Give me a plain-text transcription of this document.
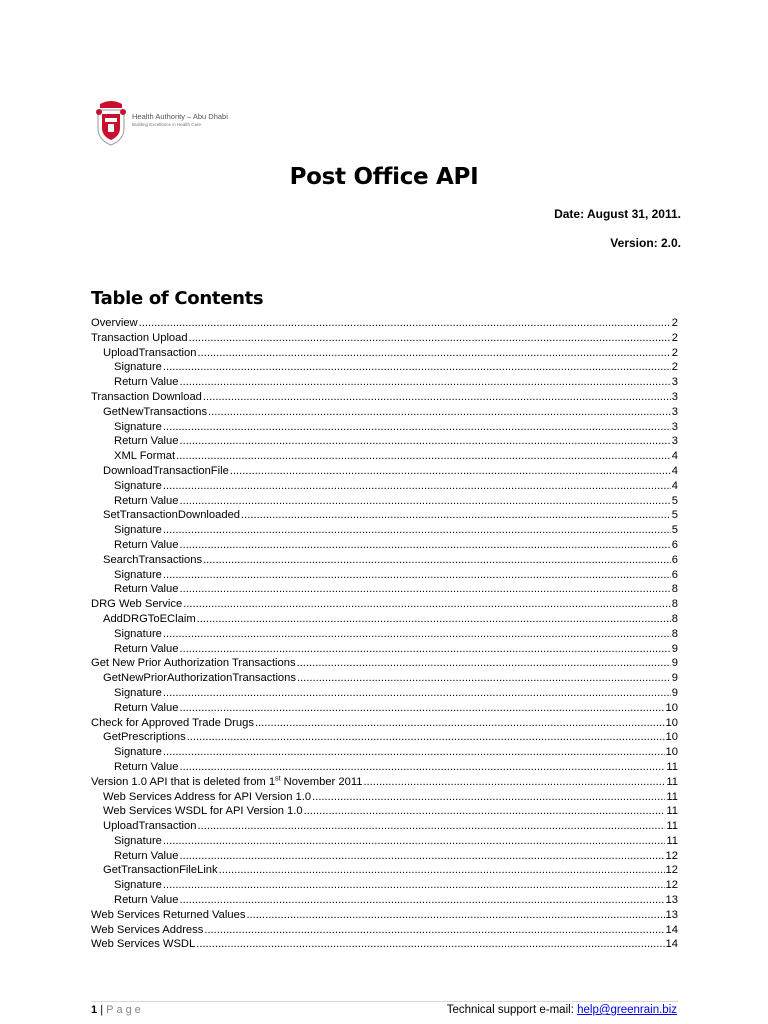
Health Authority – Abu Dhabi
Building Excellence in Health Care
Post Office API
Date: August 31, 2011.
Version: 2.0.
Table of Contents
Overview .....	2
Transaction Upload .....	2
UploadTransaction .....	2
Signature .....	2
Return Value .....	3
Transaction Download .....	3
GetNewTransactions .....	3
Signature .....	3
Return Value .....	3
XML Format .....	4
DownloadTransactionFile .....	4
Signature .....	4
Return Value .....	5
SetTransactionDownloaded .....	5
Signature .....	5
Return Value .....	6
SearchTransactions .....	6
Signature .....	6
Return Value .....	8
DRG Web Service .....	8
AddDRGToEClaim .....	8
Signature .....	8
Return Value .....	9
Get New Prior Authorization Transactions .....	9
GetNewPriorAuthorizationTransactions .....	9
Signature .....	9
Return Value .....	10
Check for Approved Trade Drugs .....	10
GetPrescriptions .....	10
Signature .....	10
Return Value .....	11
Version 1.0 API that is deleted from 1st November 2011 .....	11
Web Services Address for API Version 1.0 .....	11
Web Services WSDL for API Version 1.0 .....	11
UploadTransaction .....	11
Signature .....	11
Return Value .....	12
GetTransactionFileLink .....	12
Signature .....	12
Return Value .....	13
Web Services Returned Values .....	13
Web Services Address .....	14
Web Services WSDL .....	14
1 | Page	Technical support e-mail: help@greenrain.biz
